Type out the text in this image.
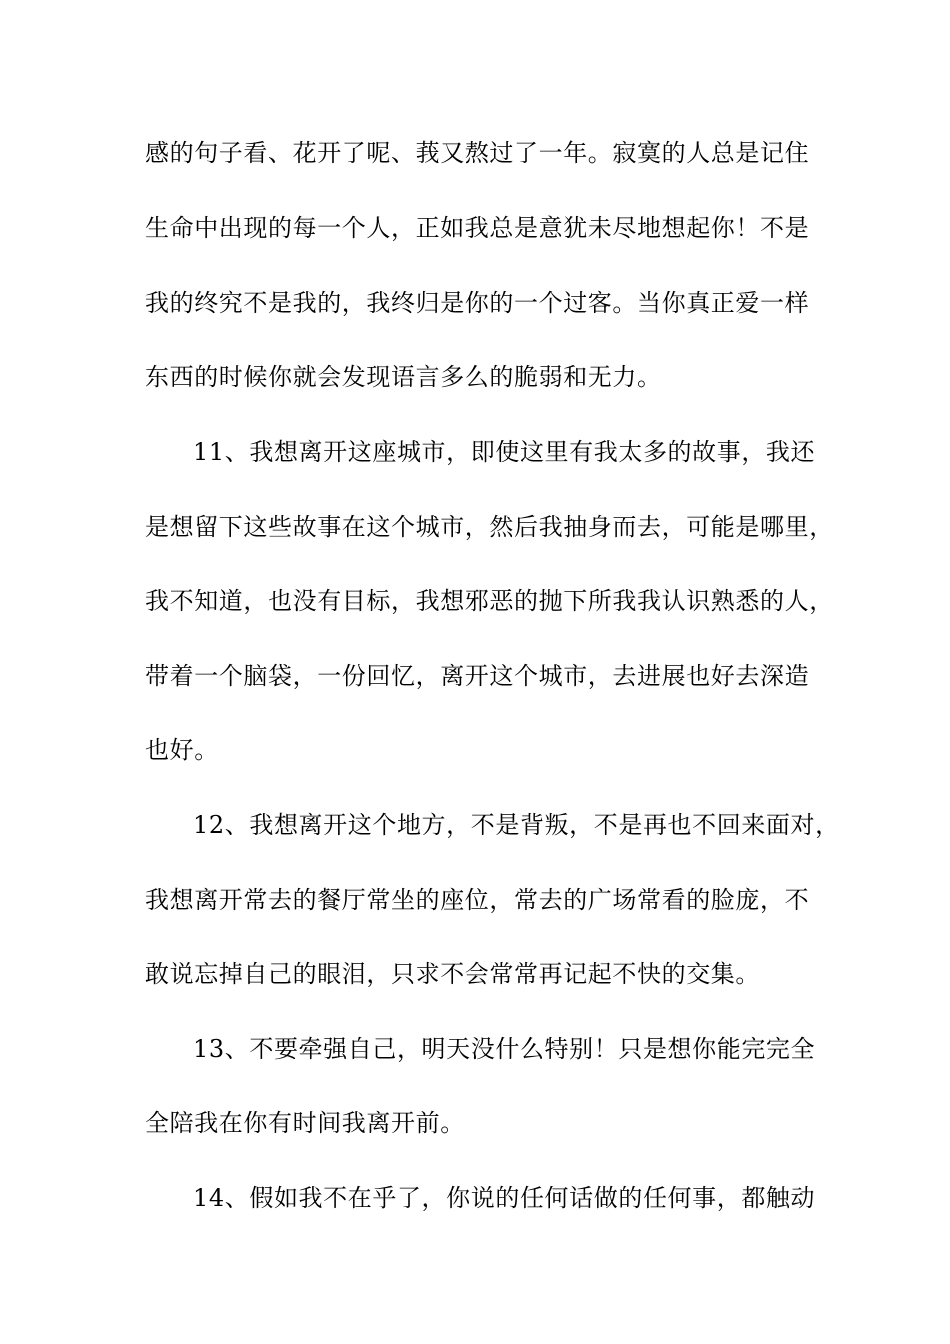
感的句子看、花开了呢、莪又熬过了一年。寂寞的人总是记住
生命中出现的每一个人，正如我总是意犹未尽地想起你！不是
我的终究不是我的，我终归是你的一个过客。当你真正爱一样
东西的时候你就会发现语言多么的脆弱和无力。
11、我想离开这座城市，即使这里有我太多的故事，我还
是想留下这些故事在这个城市，然后我抽身而去，可能是哪里，
我不知道，也没有目标，我想邪恶的抛下所我我认识熟悉的人，
带着一个脑袋，一份回忆，离开这个城市，去进展也好去深造
也好。
12、我想离开这个地方，不是背叛，不是再也不回来面对，
我想离开常去的餐厅常坐的座位，常去的广场常看的脸庞，不
敢说忘掉自己的眼泪，只求不会常常再记起不快的交集。
13、不要牵强自己，明天没什么特别！只是想你能完完全
全陪我在你有时间我离开前。
14、假如我不在乎了，你说的任何话做的任何事，都触动
